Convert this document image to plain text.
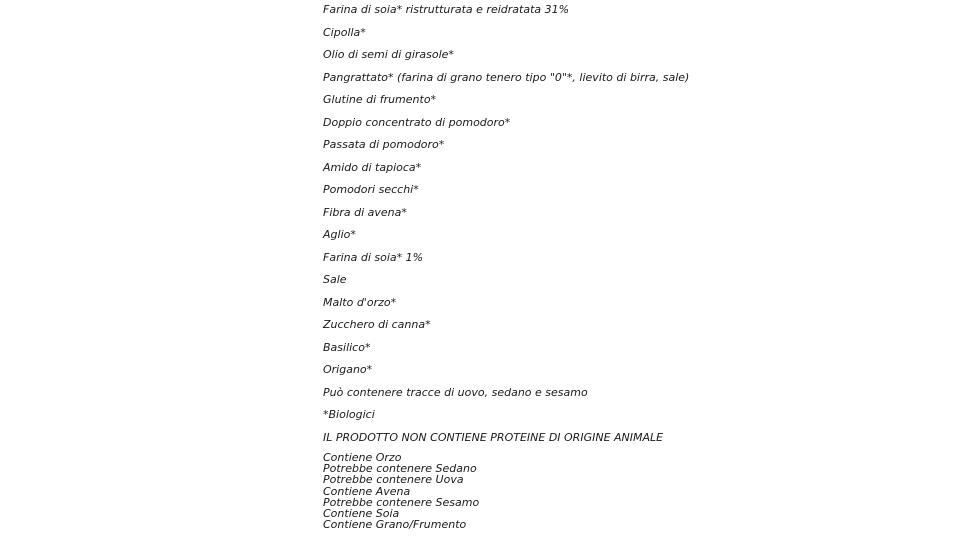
Farina di soia* ristrutturata e reidratata 31%
Cipolla*
Olio di semi di girasole*
Pangrattato* (farina di grano tenero tipo "0"*, lievito di birra, sale)
Glutine di frumento*
Doppio concentrato di pomodoro*
Passata di pomodoro*
Amido di tapioca*
Pomodori secchi*
Fibra di avena*
Aglio*
Farina di soia* 1%
Sale
Malto d'orzo*
Zucchero di canna*
Basilico*
Origano*
Può contenere tracce di uovo, sedano e sesamo
*Biologici
IL PRODOTTO NON CONTIENE PROTEINE DI ORIGINE ANIMALE
Contiene Orzo
Potrebbe contenere Sedano
Potrebbe contenere Uova
Contiene Avena
Potrebbe contenere Sesamo
Contiene Soia
Contiene Grano/Frumento
